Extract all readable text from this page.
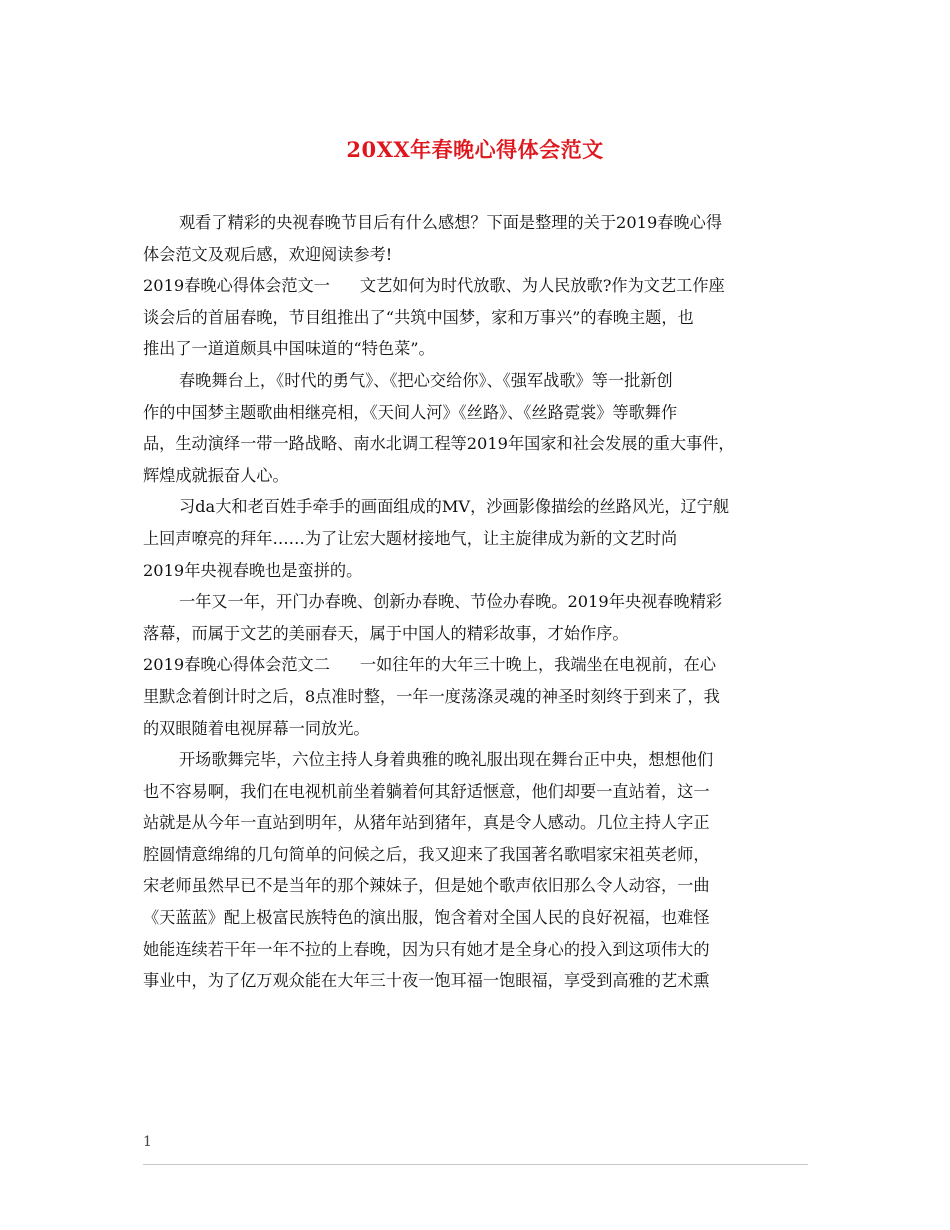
20XX年春晚心得体会范文
观看了精彩的央视春晚节目后有什么感想？下面是整理的关于2019春晚心得
体会范文及观后感，欢迎阅读参考!
2019春晚心得体会范文一 文艺如何为时代放歌、为人民放歌?作为文艺工作座
谈会后的首届春晚，节目组推出了“共筑中国梦，家和万事兴”的春晚主题，也
推出了一道道颇具中国味道的“特色菜”。
春晚舞台上，《时代的勇气》、《把心交给你》、《强军战歌》等一批新创
作的中国梦主题歌曲相继亮相，《天间人河》《丝路》、《丝路霓裳》等歌舞作
品，生动演绎一带一路战略、南水北调工程等2019年国家和社会发展的重大事件，
辉煌成就振奋人心。
习da大和老百姓手牵手的画面组成的MV，沙画影像描绘的丝路风光，辽宁舰
上回声嘹亮的拜年……为了让宏大题材接地气，让主旋律成为新的文艺时尚
2019年央视春晚也是蛮拼的。
一年又一年，开门办春晚、创新办春晚、节俭办春晚。2019年央视春晚精彩
落幕，而属于文艺的美丽春天，属于中国人的精彩故事，才始作序。
2019春晚心得体会范文二 一如往年的大年三十晚上，我端坐在电视前，在心
里默念着倒计时之后，8点准时整，一年一度荡涤灵魂的神圣时刻终于到来了，我
的双眼随着电视屏幕一同放光。
开场歌舞完毕，六位主持人身着典雅的晚礼服出现在舞台正中央，想想他们
也不容易啊，我们在电视机前坐着躺着何其舒适惬意，他们却要一直站着，这一
站就是从今年一直站到明年，从猪年站到猪年，真是令人感动。几位主持人字正
腔圆情意绵绵的几句简单的问候之后，我又迎来了我国著名歌唱家宋祖英老师，
宋老师虽然早已不是当年的那个辣妹子，但是她个歌声依旧那么令人动容，一曲
《天蓝蓝》配上极富民族特色的演出服，饱含着对全国人民的良好祝福，也难怪
她能连续若干年一年不拉的上春晚，因为只有她才是全身心的投入到这项伟大的
事业中，为了亿万观众能在大年三十夜一饱耳福一饱眼福，享受到高雅的艺术熏
1
